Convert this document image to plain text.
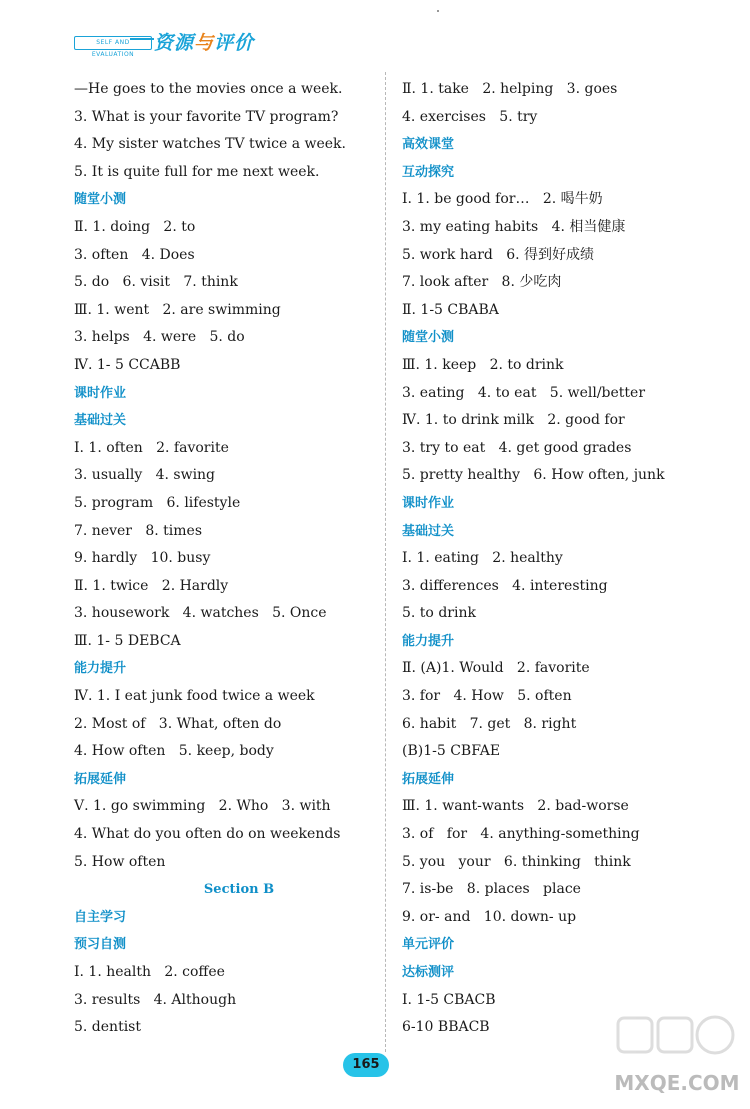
SELF AND EVALUATION
资源与评价
—He goes to the movies once a week.
3. What is your favorite TV program?
4. My sister watches TV twice a week.
5. It is quite full for me next week.
随堂小测
Ⅱ. 1. doing   2. to
3. often   4. Does
5. do   6. visit   7. think
Ⅲ. 1. went   2. are swimming
3. helps   4. were   5. do
Ⅳ. 1- 5 CCABB
课时作业
基础过关
Ⅰ. 1. often   2. favorite
3. usually   4. swing
5. program   6. lifestyle
7. never   8. times
9. hardly   10. busy
Ⅱ. 1. twice   2. Hardly
3. housework   4. watches   5. Once
Ⅲ. 1- 5 DEBCA
能力提升
Ⅳ. 1. I eat junk food twice a week
2. Most of   3. What, often do
4. How often   5. keep, body
拓展延伸
Ⅴ. 1. go swimming   2. Who   3. with
4. What do you often do on weekends
5. How often
Section B
自主学习
预习自测
Ⅰ. 1. health   2. coffee
3. results   4. Although
5. dentist
Ⅱ. 1. take   2. helping   3. goes
4. exercises   5. try
高效课堂
互动探究
Ⅰ. 1. be good for…   2. 喝牛奶
3. my eating habits   4. 相当健康
5. work hard   6. 得到好成绩
7. look after   8. 少吃肉
Ⅱ. 1-5 CBABA
随堂小测
Ⅲ. 1. keep   2. to drink
3. eating   4. to eat   5. well/better
Ⅳ. 1. to drink milk   2. good for
3. try to eat   4. get good grades
5. pretty healthy   6. How often, junk
课时作业
基础过关
Ⅰ. 1. eating   2. healthy
3. differences   4. interesting
5. to drink
能力提升
Ⅱ. (A)1. Would   2. favorite
3. for   4. How   5. often
6. habit   7. get   8. right
(B)1-5 CBFAE
拓展延伸
Ⅲ. 1. want-wants   2. bad-worse
3. of   for   4. anything-something
5. you   your   6. thinking   think
7. is-be   8. places   place
9. or- and   10. down- up
单元评价
达标测评
Ⅰ. 1-5 CBACB
6-10 BBACB
165
MXQE.COM
